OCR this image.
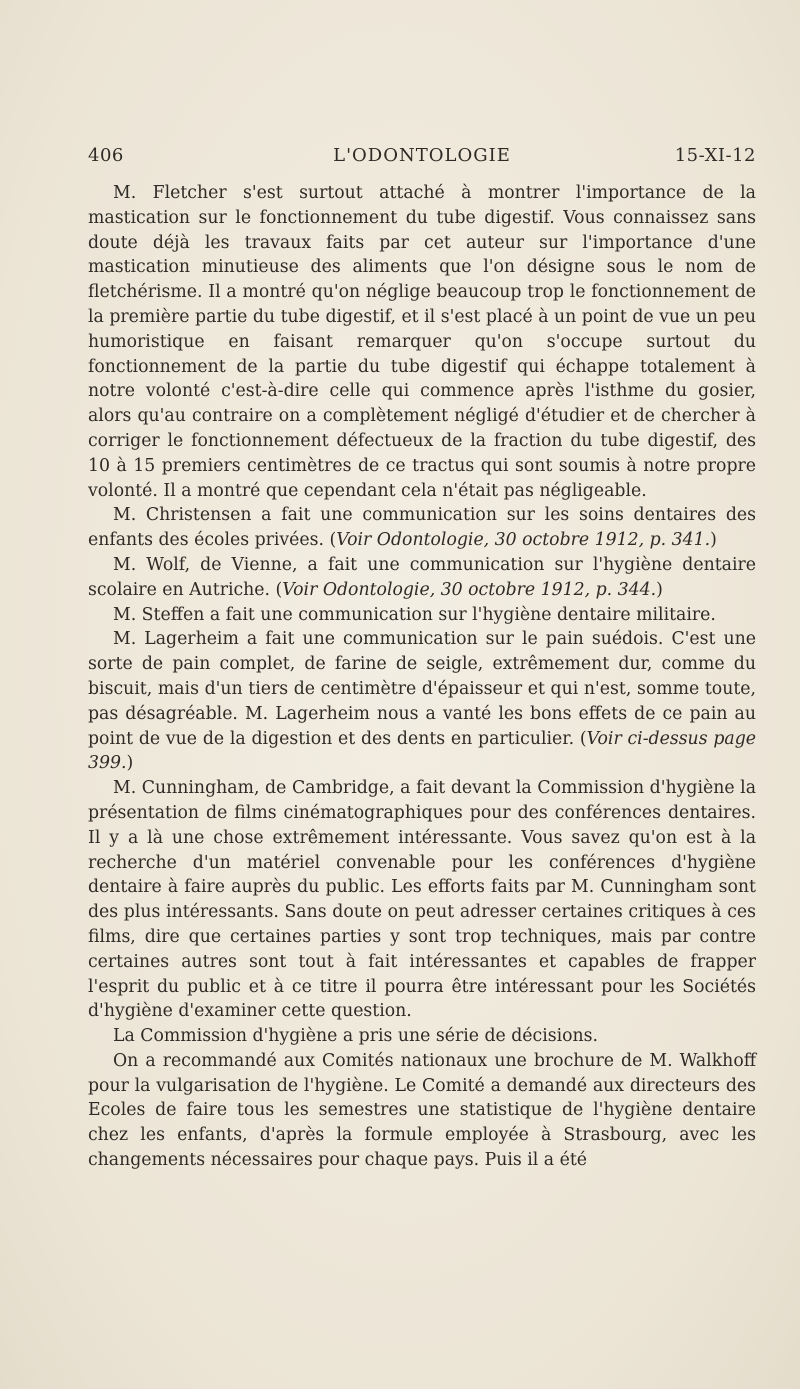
406	L'ODONTOLOGIE	15-XI-12

M. Fletcher s'est surtout attaché à montrer l'importance de la mastication sur le fonctionnement du tube digestif. Vous connaissez sans doute déjà les travaux faits par cet auteur sur l'importance d'une mastication minutieuse des aliments que l'on désigne sous le nom de fletchérisme. Il a montré qu'on néglige beaucoup trop le fonctionnement de la première partie du tube digestif, et il s'est placé à un point de vue un peu humoristique en faisant remarquer qu'on s'occupe surtout du fonctionnement de la partie du tube digestif qui échappe totalement à notre volonté c'est-à-dire celle qui commence après l'isthme du gosier, alors qu'au contraire on a complètement négligé d'étudier et de chercher à corriger le fonctionnement défectueux de la fraction du tube digestif, des 10 à 15 premiers centimètres de ce tractus qui sont soumis à notre propre volonté. Il a montré que cependant cela n'était pas négligeable.

M. Christensen a fait une communication sur les soins dentaires des enfants des écoles privées. (Voir Odontologie, 30 octobre 1912, p. 341.)

M. Wolf, de Vienne, a fait une communication sur l'hygiène dentaire scolaire en Autriche. (Voir Odontologie, 30 octobre 1912, p. 344.)

M. Steffen a fait une communication sur l'hygiène dentaire militaire.

M. Lagerheim a fait une communication sur le pain suédois. C'est une sorte de pain complet, de farine de seigle, extrêmement dur, comme du biscuit, mais d'un tiers de centimètre d'épaisseur et qui n'est, somme toute, pas désagréable. M. Lagerheim nous a vanté les bons effets de ce pain au point de vue de la digestion et des dents en particulier. (Voir ci-dessus page 399.)

M. Cunningham, de Cambridge, a fait devant la Commission d'hygiène la présentation de films cinématographiques pour des conférences dentaires. Il y a là une chose extrêmement intéressante. Vous savez qu'on est à la recherche d'un matériel convenable pour les conférences d'hygiène dentaire à faire auprès du public. Les efforts faits par M. Cunningham sont des plus intéressants. Sans doute on peut adresser certaines critiques à ces films, dire que certaines parties y sont trop techniques, mais par contre certaines autres sont tout à fait intéressantes et capables de frapper l'esprit du public et à ce titre il pourra être intéressant pour les Sociétés d'hygiène d'examiner cette question.

La Commission d'hygiène a pris une série de décisions.

On a recommandé aux Comités nationaux une brochure de M. Walkhoff pour la vulgarisation de l'hygiène. Le Comité a demandé aux directeurs des Ecoles de faire tous les semestres une statistique de l'hygiène dentaire chez les enfants, d'après la formule employée à Strasbourg, avec les changements nécessaires pour chaque pays. Puis il a été
